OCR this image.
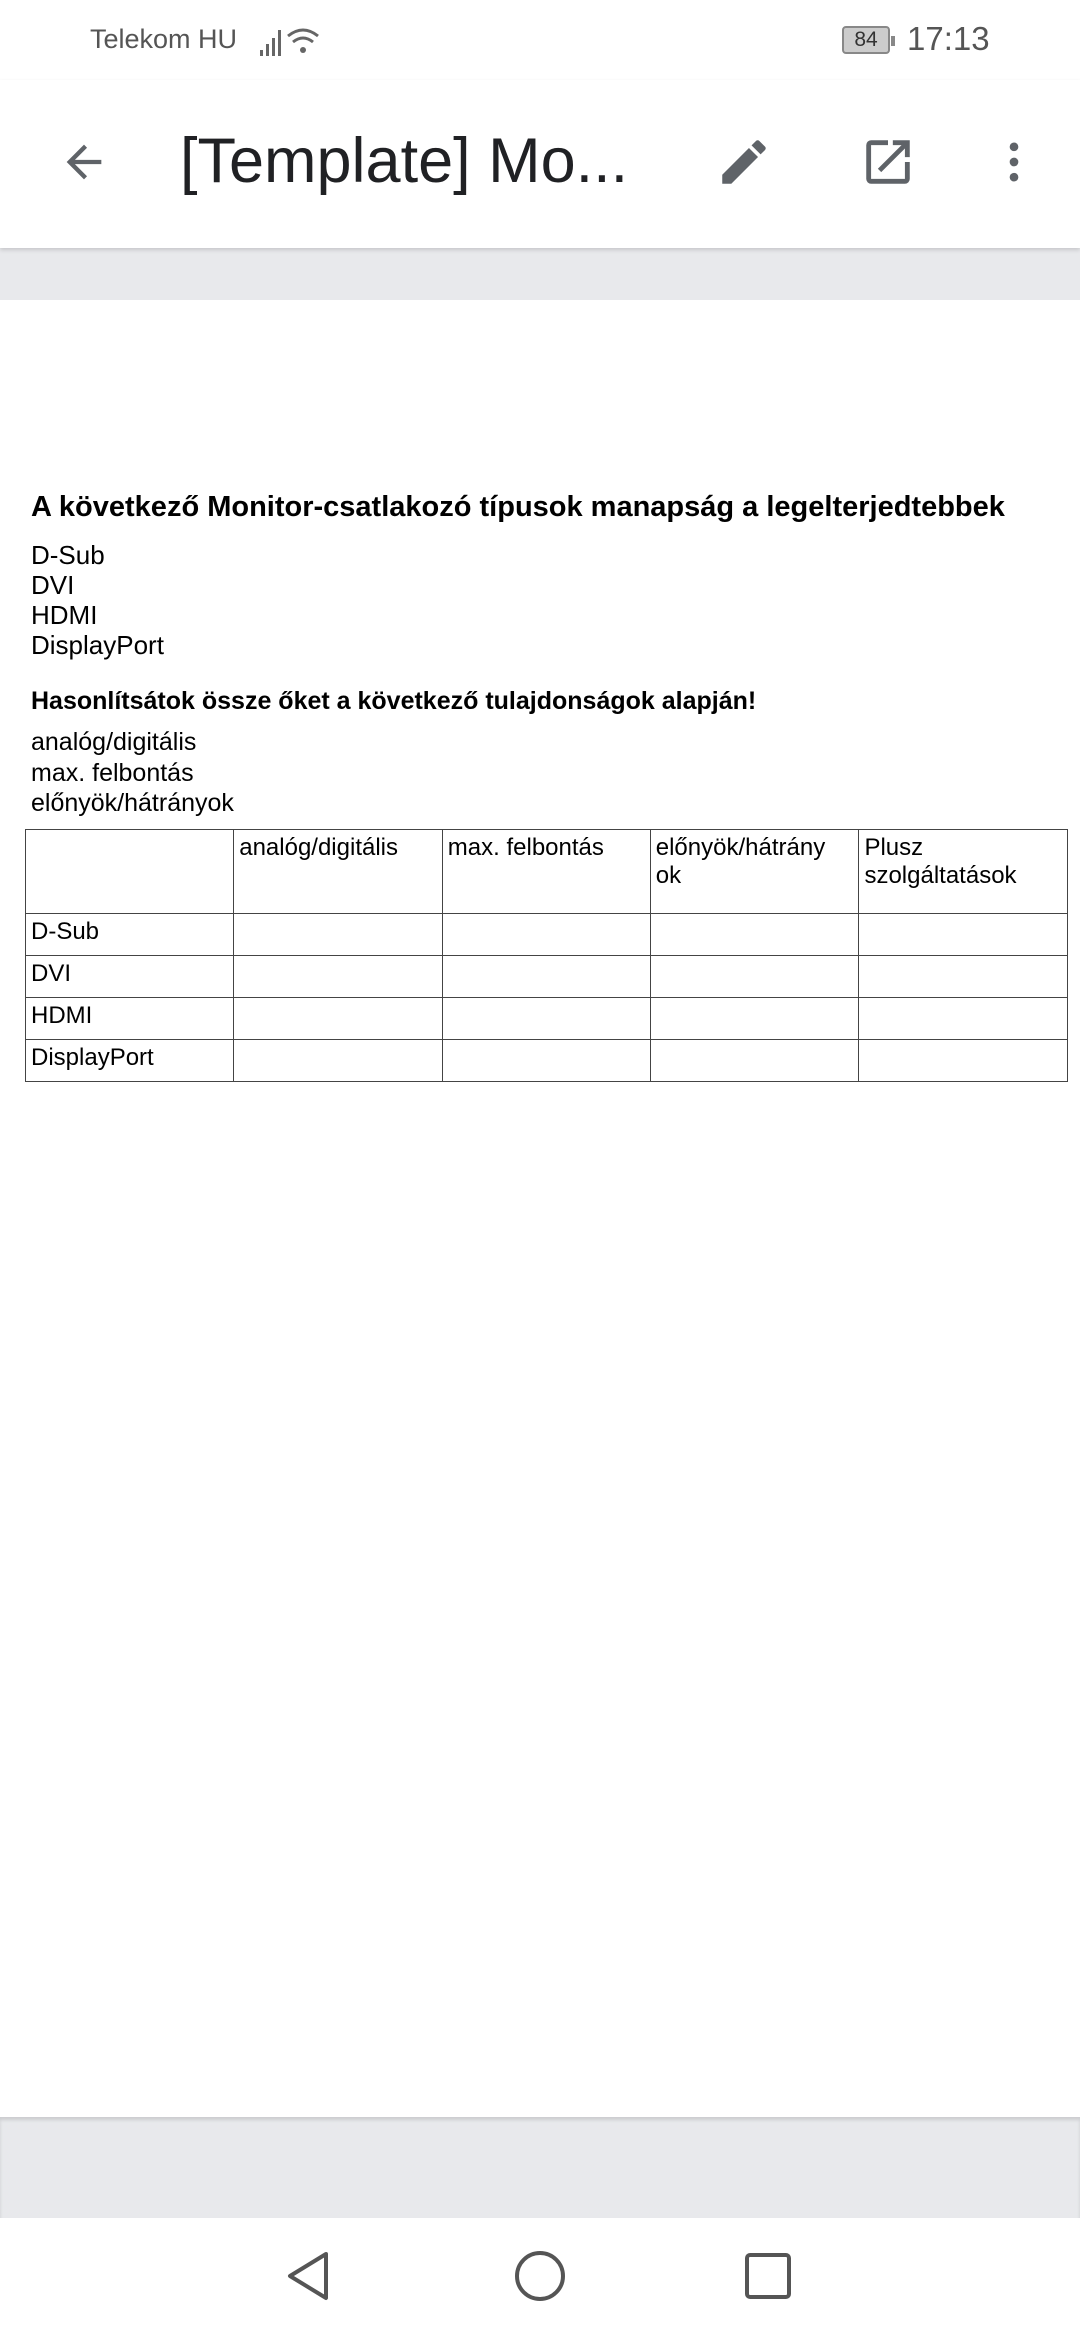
Telekom HU	84 17:13
[Template] Mo...
A következő Monitor-csatlakozó típusok manapság a legelterjedtebbek
D-Sub
DVI
HDMI
DisplayPort
Hasonlítsátok össze őket a következő tulajdonságok alapján!
analóg/digitális
max. felbontás
előnyök/hátrányok
	analóg/digitális	max. felbontás	előnyök/hátrány ok	Plusz szolgáltatások
D-Sub				
DVI				
HDMI				
DisplayPort				
